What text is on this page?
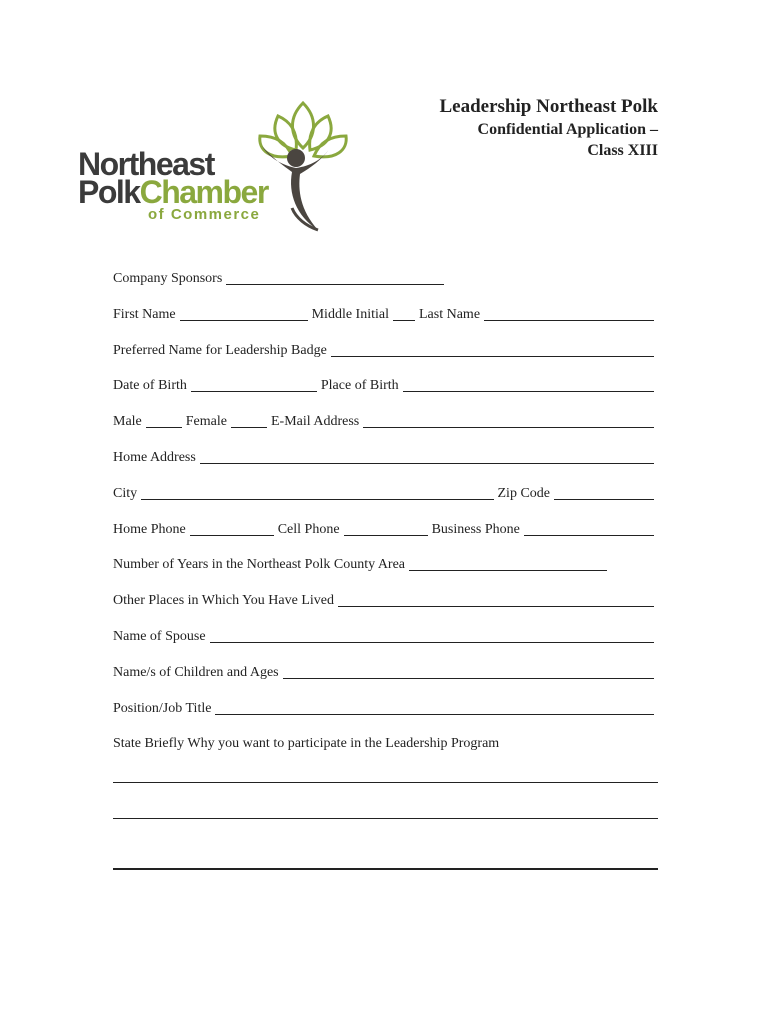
Northeast
PolkChamber
of Commerce
Leadership Northeast Polk
Confidential Application –
Class XIII
Company Sponsors
First Name	Middle Initial Last Name
Preferred Name for Leadership Badge
Date of Birth	Place of Birth
Male	Female	E-Mail Address
Home Address
City	Zip Code
Home Phone	Cell Phone	Business Phone
Number of Years in the Northeast Polk County Area
Other Places in Which You Have Lived
Name of Spouse
Name/s of Children and Ages
Position/Job Title
State Briefly Why you want to participate in the Leadership Program
